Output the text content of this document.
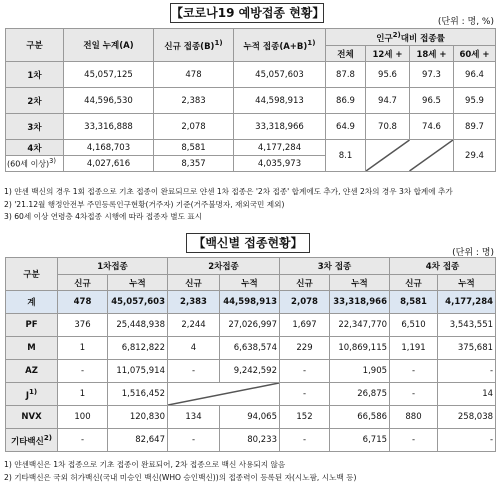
【코로나19 예방접종 현황】
(단위 : 명, %)
구분	전일 누계(A)	신규 접종$(B)^{1)}$	누적 접종$(A+B)^{1)}$	인구$^{2)}$대비 접종률			
				전체	12세 +	18세 +	60세 +
1차	45,057,125	478	45,057,603	87.8	95.6	97.3	96.4
2차	44,596,530	2,383	44,598,913	86.9	94.7	96.5	95.9
3차	33,316,888	2,078	33,318,966	64.9	70.8	74.6	89.7
4차	4,168,703	8,581	4,177,284	8.1			29.4
(60세 이상)$^{3)}$	4,027,616	8,357	4,035,973				
1) 얀센 백신의 경우 1회 접종으로 기초 접종이 완료되므로 얀센 1차 접종은 '2차 접종' 합계에도 추가, 얀센 2차의 경우 3차 합계에 추가
2) '21.12월 행정안전부 주민등록인구현황(거주자) 기준(거주불명자, 재외국민 제외)
3) 60세 이상 연령층 4차접종 시행에 따라 접종자 별도 표시
【백신별 접종현황】
(단위 : 명)
구분	1차접종		2차접종		3차 접종		4차 접종	
	신규	누적	신규	누적	신규	누적	신규	누적
계	478	45,057,603	2,383	44,598,913	2,078	33,318,966	8,581	4,177,284
PF	376	25,448,938	2,244	27,026,997	1,697	22,347,770	6,510	3,543,551
M	1	6,812,822	4	6,638,574	229	10,869,115	1,191	375,681
AZ	-	11,075,914	-	9,242,592	-	1,905	-	-
$J^{1)}$	1	1,516,452			-	26,875	-	14
NVX	100	120,830	134	94,065	152	66,586	880	258,038
기타백신$^{2)}$	-	82,647	-	80,233	-	6,715	-	-
1) 얀센백신은 1차 접종으로 기초 접종이 완료되어, 2차 접종으로 백신 사용되지 않음
2) 기타백신은 국외 허가백신(국내 미승인 백신(WHO 승인백신))의 접종력이 등록된 자(시노팜, 시노백 등)
